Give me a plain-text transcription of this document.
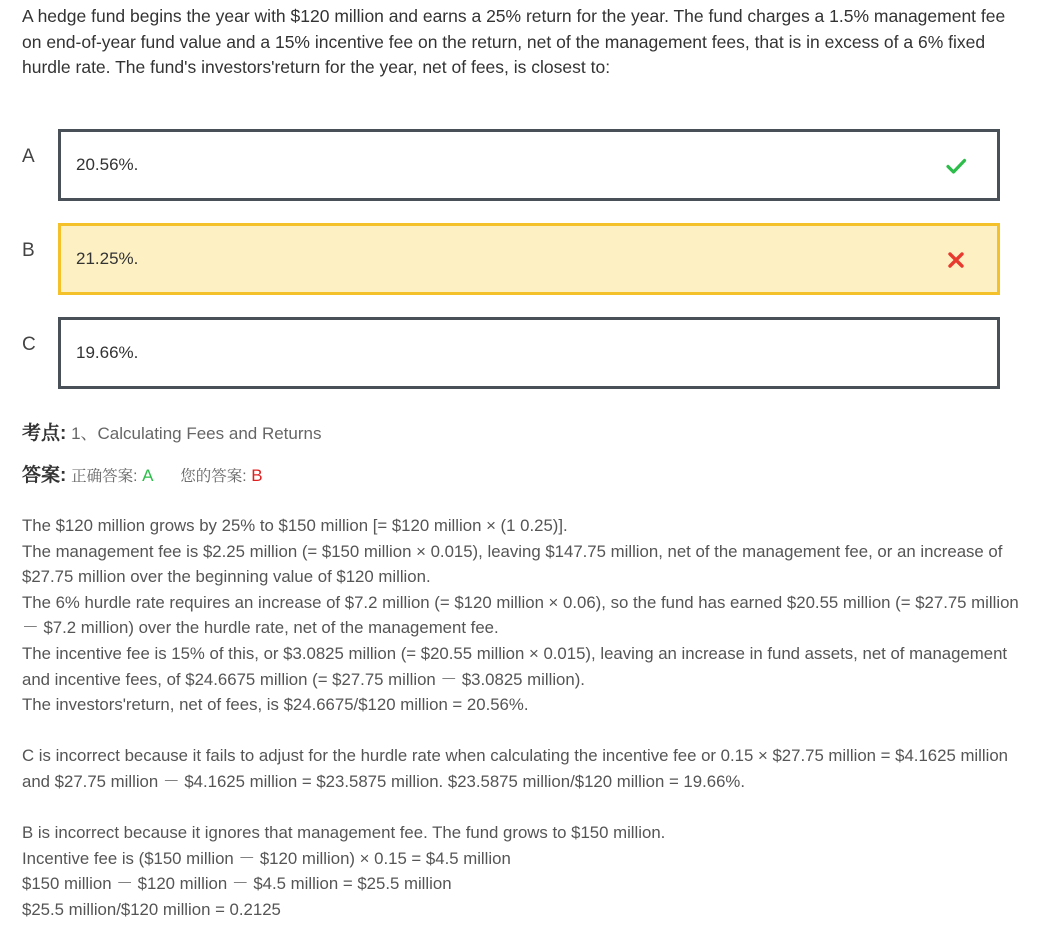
A hedge fund begins the year with $120 million and earns a 25% return for the year. The fund charges a 1.5% management fee on end-of-year fund value and a 15% incentive fee on the return, net of the management fees, that is in excess of a 6% fixed hurdle rate. The fund's investors'return for the year, net of fees, is closest to:

A 20.56%.
B 21.25%.
C 19.66%.
考点: 1、Calculating Fees and Returns
答案: 正确答案: A 您的答案: B

The $120 million grows by 25% to $150 million [= $120 million × (1 0.25)].

The management fee is $2.25 million (= $150 million × 0.015), leaving $147.75 million, net of the management fee, or an increase of $27.75 million over the beginning value of $120 million.

The 6% hurdle rate requires an increase of $7.2 million (= $120 million × 0.06), so the fund has earned $20.55 million (= $27.75 million － $7.2 million) over the hurdle rate, net of the management fee.

The incentive fee is 15% of this, or $3.0825 million (= $20.55 million × 0.015), leaving an increase in fund assets, net of management and incentive fees, of $24.6675 million (= $27.75 million － $3.0825 million).

The investors'return, net of fees, is $24.6675/$120 million = 20.56%.

C is incorrect because it fails to adjust for the hurdle rate when calculating the incentive fee or 0.15 × $27.75 million = $4.1625 million and $27.75 million － $4.1625 million = $23.5875 million. $23.5875 million/$120 million = 19.66%.

B is incorrect because it ignores that management fee. The fund grows to $150 million.

Incentive fee is ($150 million － $120 million) × 0.15 = $4.5 million

$150 million － $120 million － $4.5 million = $25.5 million

$25.5 million/$120 million = 0.2125
